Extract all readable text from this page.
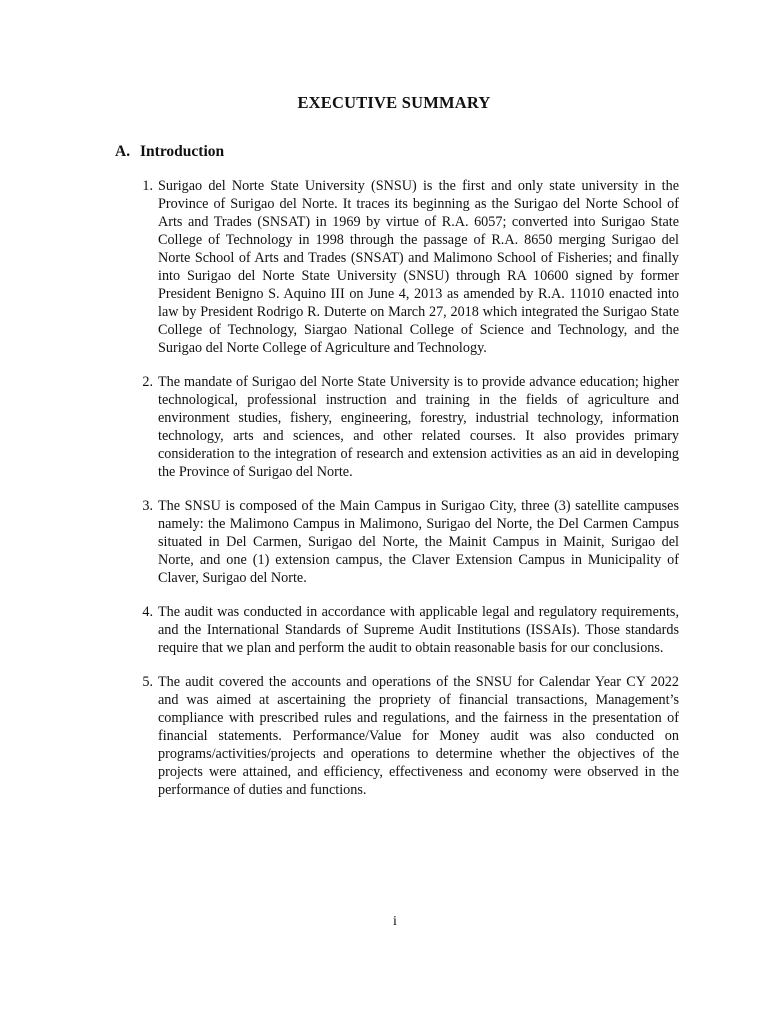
EXECUTIVE SUMMARY
A. Introduction
1. Surigao del Norte State University (SNSU) is the first and only state university in the Province of Surigao del Norte. It traces its beginning as the Surigao del Norte School of Arts and Trades (SNSAT) in 1969 by virtue of R.A. 6057; converted into Surigao State College of Technology in 1998 through the passage of R.A. 8650 merging Surigao del Norte School of Arts and Trades (SNSAT) and Malimono School of Fisheries; and finally into Surigao del Norte State University (SNSU) through RA 10600 signed by former President Benigno S. Aquino III on June 4, 2013 as amended by R.A. 11010 enacted into law by President Rodrigo R. Duterte on March 27, 2018 which integrated the Surigao State College of Technology, Siargao National College of Science and Technology, and the Surigao del Norte College of Agriculture and Technology.
2. The mandate of Surigao del Norte State University is to provide advance education; higher technological, professional instruction and training in the fields of agriculture and environment studies, fishery, engineering, forestry, industrial technology, information technology, arts and sciences, and other related courses. It also provides primary consideration to the integration of research and extension activities as an aid in developing the Province of Surigao del Norte.
3. The SNSU is composed of the Main Campus in Surigao City, three (3) satellite campuses namely: the Malimono Campus in Malimono, Surigao del Norte, the Del Carmen Campus situated in Del Carmen, Surigao del Norte, the Mainit Campus in Mainit, Surigao del Norte, and one (1) extension campus, the Claver Extension Campus in Municipality of Claver, Surigao del Norte.
4. The audit was conducted in accordance with applicable legal and regulatory requirements, and the International Standards of Supreme Audit Institutions (ISSAIs). Those standards require that we plan and perform the audit to obtain reasonable basis for our conclusions.
5. The audit covered the accounts and operations of the SNSU for Calendar Year CY 2022 and was aimed at ascertaining the propriety of financial transactions, Management’s compliance with prescribed rules and regulations, and the fairness in the presentation of financial statements. Performance/Value for Money audit was also conducted on programs/activities/projects and operations to determine whether the objectives of the projects were attained, and efficiency, effectiveness and economy were observed in the performance of duties and functions.
i
